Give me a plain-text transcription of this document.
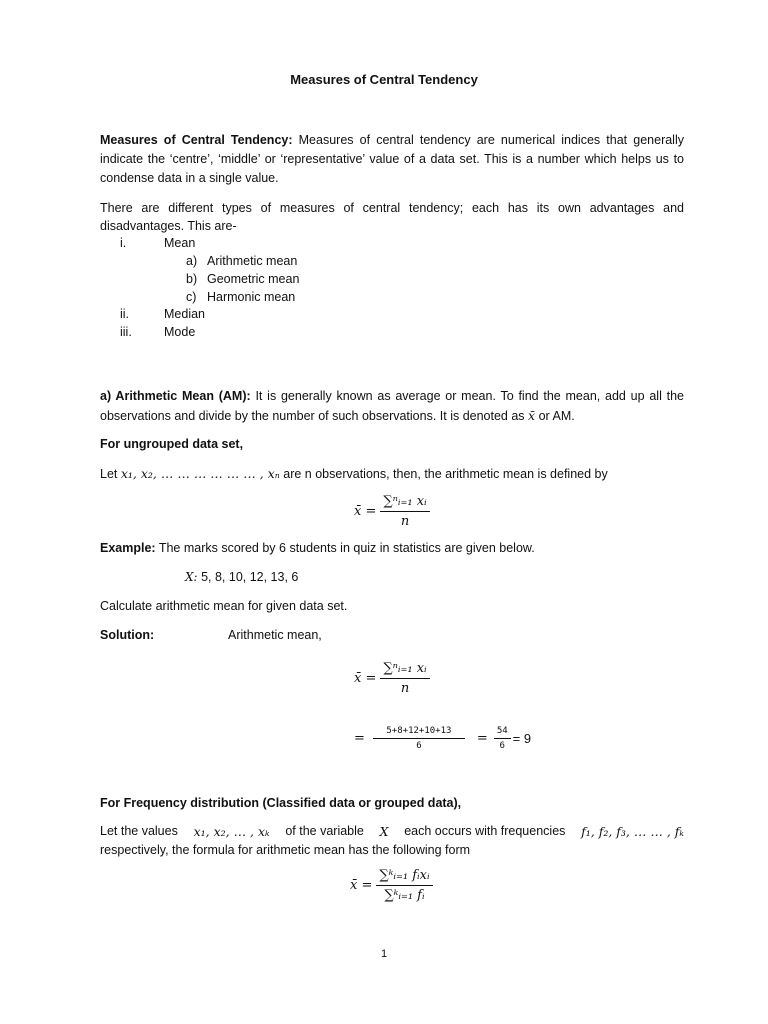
Measures of Central Tendency
Measures of Central Tendency: Measures of central tendency are numerical indices that generally indicate the ‘centre’, ‘middle’ or ‘representative’ value of a data set. This is a number which helps us to condense data in a single value.
There are different types of measures of central tendency; each has its own advantages and disadvantages. This are-
i.	Mean
a) Arithmetic mean
b) Geometric mean
c) Harmonic mean
ii.	Median
iii.	Mode
a) Arithmetic Mean (AM): It is generally known as average or mean. To find the mean, add up all the observations and divide by the number of such observations. It is denoted as x̄ or AM.
For ungrouped data set,
Let x₁, x₂, … … … … … … , xₙ are n observations, then, the arithmetic mean is defined by
x̄ = $\frac{\text{∑ⁿᵢ₌₁ xᵢ}}{n}$
Example: The marks scored by 6 students in quiz in statistics are given below.
X: 5, 8, 10, 12, 13, 6
Calculate arithmetic mean for given data set.
Solution:	Arithmetic mean,
x̄ = $\frac{\text{∑ⁿᵢ₌₁ xᵢ}}{n}$
= $\frac{5+8+12+10+13}{6} = \frac{54}{6} = 9$
For Frequency distribution (Classified data or grouped data),
Let the values x₁, x₂, … , xₖ of the variable X each occurs with frequencies f₁, f₂, f₃, … … , fₖ
respectively, the formula for arithmetic mean has the following form
x̄ = $\frac{\text{∑ᵏᵢ₌₁ fᵢxᵢ}}{\text{∑ᵏᵢ₌₁ fᵢ}}$
1
